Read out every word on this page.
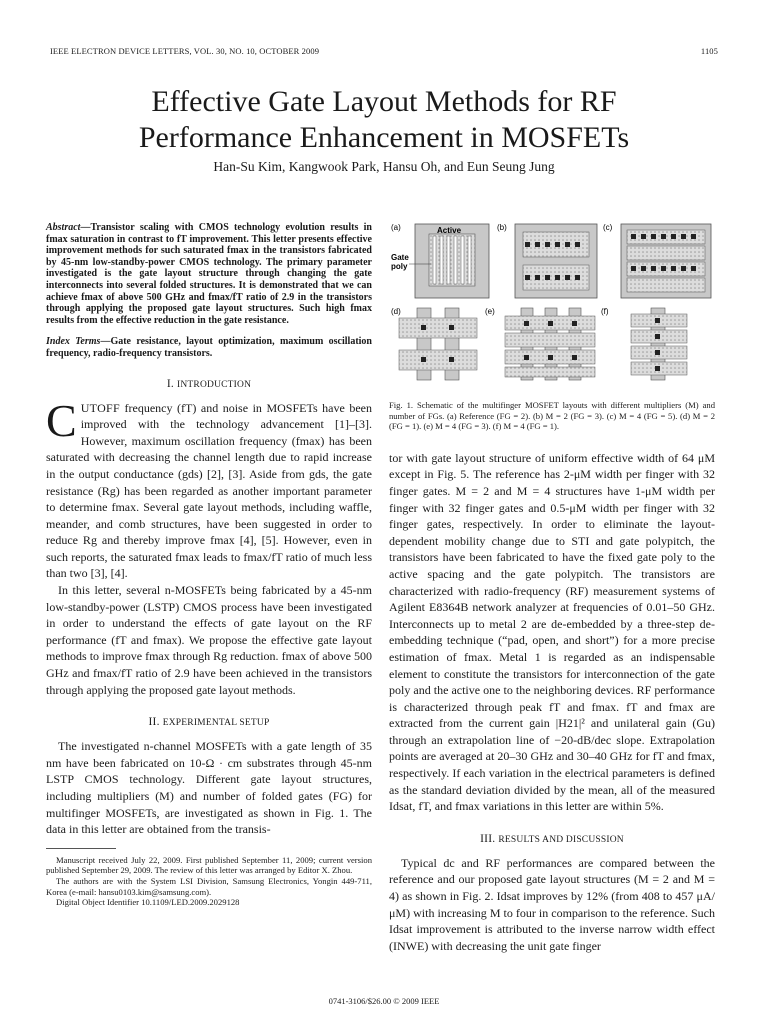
IEEE ELECTRON DEVICE LETTERS, VOL. 30, NO. 10, OCTOBER 2009	1105
Effective Gate Layout Methods for RF
Performance Enhancement in MOSFETs
Han-Su Kim, Kangwook Park, Hansu Oh, and Eun Seung Jung

Abstract—Transistor scaling with CMOS technology evolution results in fmax saturation in contrast to fT improvement. This letter presents effective improvement methods for such saturated fmax in the transistors fabricated by 45-nm low-standby-power CMOS technology. The primary parameter investigated is the gate layout structure through changing the gate interconnects into several folded structures. It is demonstrated that we can achieve fmax of above 500 GHz and fmax/fT ratio of 2.9 in the transistors through applying the proposed gate layout structures. Such high fmax results from the effective reduction in the gate resistance.

Index Terms—Gate resistance, layout optimization, maximum oscillation frequency, radio-frequency transistors.

I. INTRODUCTION

CUTOFF frequency (fT) and noise in MOSFETs have been improved with the technology advancement [1]–[3]. However, maximum oscillation frequency (fmax) has been saturated with decreasing the channel length due to rapid increase in the output conductance (gds) [2], [3]. Aside from gds, the gate resistance (Rg) has been regarded as another important parameter to determine fmax. Several gate layout methods, including waffle, meander, and comb structures, have been suggested in order to reduce Rg and thereby improve fmax [4], [5]. However, even in such reports, the saturated fmax leads to fmax/fT ratio of much less than two [3], [4].

In this letter, several n-MOSFETs being fabricated by a 45-nm low-standby-power (LSTP) CMOS process have been investigated in order to understand the effects of gate layout on the RF performance (fT and fmax). We propose the effective gate layout methods to improve fmax through Rg reduction. fmax of above 500 GHz and fmax/fT ratio of 2.9 have been achieved in the transistors through applying the proposed gate layout methods.

II. EXPERIMENTAL SETUP

The investigated n-channel MOSFETs with a gate length of 35 nm have been fabricated on 10-Ω · cm substrates through 45-nm LSTP CMOS technology. Different gate layout structures, including multipliers (M) and number of folded gates (FG) for multifinger MOSFETs, are investigated as shown in Fig. 1. The data in this letter are obtained from the transis-

Manuscript received July 22, 2009. First published September 11, 2009; current version published September 29, 2009. The review of this letter was arranged by Editor X. Zhou.

The authors are with the System LSI Division, Samsung Electronics, Yongin 449-711, Korea (e-mail: hansu0103.kim@samsung.com).

Digital Object Identifier 10.1109/LED.2009.2029128

(a)	Active
Gate
poly
(b)	(c)
(d)	(e)	(f)

Fig. 1. Schematic of the multifinger MOSFET layouts with different multipliers (M) and number of FGs. (a) Reference (FG = 2). (b) M = 2 (FG = 3). (c) M = 4 (FG = 5). (d) M = 2 (FG = 1). (e) M = 4 (FG = 3). (f) M = 4 (FG = 1).

tor with gate layout structure of uniform effective width of 64 μM except in Fig. 5. The reference has 2-μM width per finger with 32 finger gates. M = 2 and M = 4 structures have 1-μM width per finger with 32 finger gates and 0.5-μM width per finger with 32 finger gates, respectively. In order to eliminate the layout-dependent mobility change due to STI and gate polypitch, the transistors have been fabricated to have the fixed gate poly to the active spacing and the gate polypitch. The transistors are characterized with radio-frequency (RF) measurement systems of Agilent E8364B network analyzer at frequencies of 0.01–50 GHz. Interconnects up to metal 2 are de-embedded by a three-step de-embedding technique (“pad, open, and short”) for a more precise estimation of fmax. Metal 1 is regarded as an indispensable element to constitute the transistors for interconnection of the gate poly and the active one to the neighboring devices. RF performance is characterized through peak fT and fmax. fT and fmax are extracted from the current gain |H21|² and unilateral gain (Gu) through an extrapolation line of −20-dB/dec slope. Extrapolation points are averaged at 20–30 GHz and 30–40 GHz for fT and fmax, respectively. If each variation in the electrical parameters is defined as the standard deviation divided by the mean, all of the measured Idsat, fT, and fmax variations in this letter are within 5%.

III. RESULTS AND DISCUSSION

Typical dc and RF performances are compared between the reference and our proposed gate layout structures (M = 2 and M = 4) as shown in Fig. 2. Idsat improves by 12% (from 408 to 457 μA/μM) with increasing M to four in comparison to the reference. Such Idsat improvement is attributed to the inverse narrow width effect (INWE) with decreasing the unit gate finger

0741-3106/$26.00 © 2009 IEEE
